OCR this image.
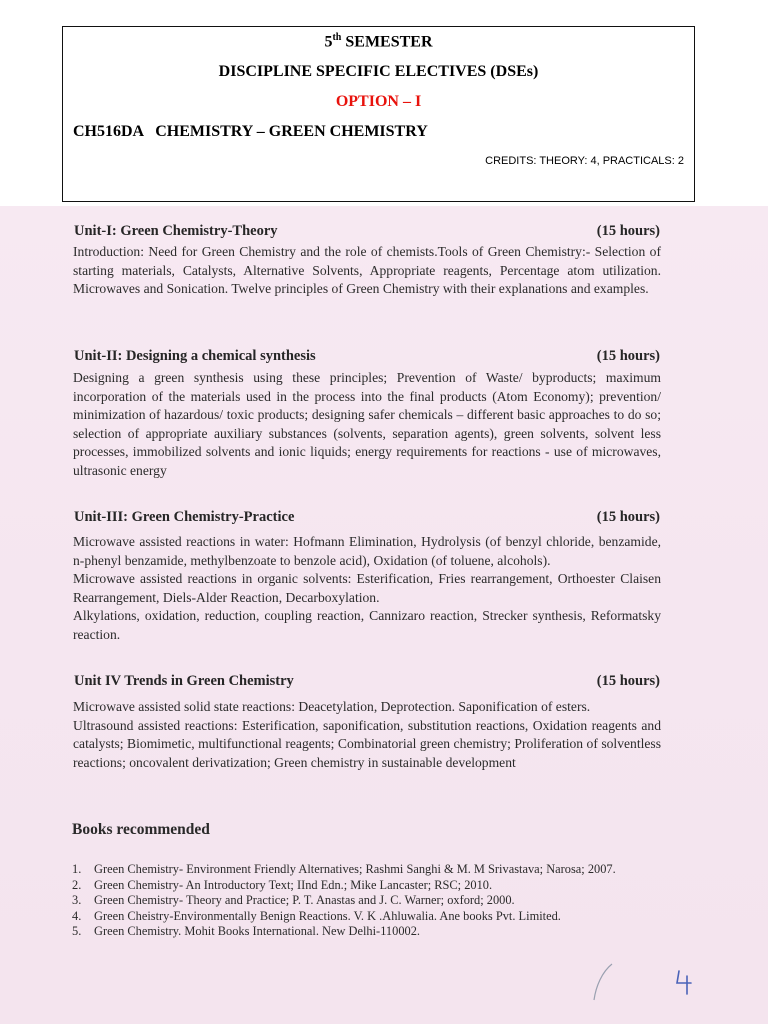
5th SEMESTER
DISCIPLINE SPECIFIC ELECTIVES (DSEs)
OPTION – I
CH516DA   CHEMISTRY – GREEN CHEMISTRY
CREDITS: THEORY: 4, PRACTICALS: 2
Unit-I: Green Chemistry-Theory	(15 hours)

Introduction: Need for Green Chemistry and the role of chemists.Tools of Green Chemistry:- Selection of starting materials, Catalysts, Alternative Solvents, Appropriate reagents, Percentage atom utilization. Microwaves and Sonication. Twelve principles of Green Chemistry with their explanations and examples.

Unit-II: Designing a chemical synthesis	(15 hours)

Designing a green synthesis using these principles; Prevention of Waste/ byproducts; maximum incorporation of the materials used in the process into the final products (Atom Economy); prevention/ minimization of hazardous/ toxic products; designing safer chemicals – different basic approaches to do so; selection of appropriate auxiliary substances (solvents, separation agents), green solvents, solvent less processes, immobilized solvents and ionic liquids; energy requirements for reactions - use of microwaves, ultrasonic energy

Unit-III: Green Chemistry-Practice	(15 hours)

Microwave assisted reactions in water: Hofmann Elimination, Hydrolysis (of benzyl chloride, benzamide, n-phenyl benzamide, methylbenzoate to benzole acid), Oxidation (of toluene, alcohols).

Microwave assisted reactions in organic solvents: Esterification, Fries rearrangement, Orthoester Claisen Rearrangement, Diels-Alder Reaction, Decarboxylation.

Alkylations, oxidation, reduction, coupling reaction, Cannizaro reaction, Strecker synthesis, Reformatsky reaction.

Unit IV Trends in Green Chemistry	(15 hours)

Microwave assisted solid state reactions: Deacetylation, Deprotection. Saponification of esters.

Ultrasound assisted reactions: Esterification, saponification, substitution reactions, Oxidation reagents and catalysts; Biomimetic, multifunctional reagents; Combinatorial green chemistry; Proliferation of solventless reactions; oncovalent derivatization; Green chemistry in sustainable development

Books recommended
1.	Green Chemistry- Environment Friendly Alternatives; Rashmi Sanghi & M. M Srivastava; Narosa; 2007.
2.	Green Chemistry- An Introductory Text; IInd Edn.; Mike Lancaster; RSC; 2010.
3.	Green Chemistry- Theory and Practice; P. T. Anastas and J. C. Warner; oxford; 2000.
4.	Green Cheistry-Environmentally Benign Reactions. V. K .Ahluwalia. Ane books Pvt. Limited.
5.	Green Chemistry. Mohit Books International. New Delhi-110002.
